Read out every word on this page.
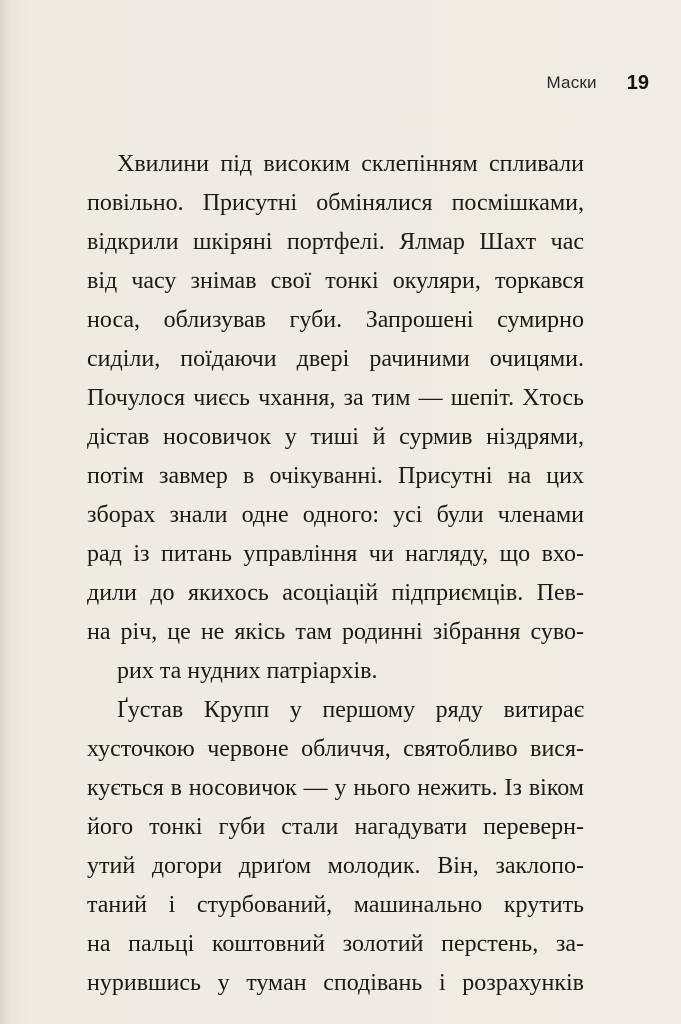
Маски 19
Хвилини під високим склепінням спливали
повільно. Присутні обмінялися посмішками,
відкрили шкіряні портфелі. Ялмар Шахт час
від часу знімав свої тонкі окуляри, торкався
носа, облизував губи. Запрошені сумирно
сиділи, поїдаючи двері рачиними очицями.
Почулося чиєсь чхання, за тим — шепіт. Хтось
дістав носовичок у тиші й сурмив ніздрями,
потім завмер в очікуванні. Присутні на цих
зборах знали одне одного: усі були членами
рад із питань управління чи нагляду, що вхо-
дили до якихось асоціацій підприємців. Пев-
на річ, це не якісь там родинні зібрання суво-
рих та нудних патріархів.
Ґустав Крупп у першому ряду витирає
хусточкою червоне обличчя, святобливо вися-
кується в носовичок — у нього нежить. Із віком
його тонкі губи стали нагадувати переверн-
утий догори дриґом молодик. Він, заклопо-
таний і стурбований, машинально крутить
на пальці коштовний золотий перстень, за-
нурившись у туман сподівань і розрахунків
